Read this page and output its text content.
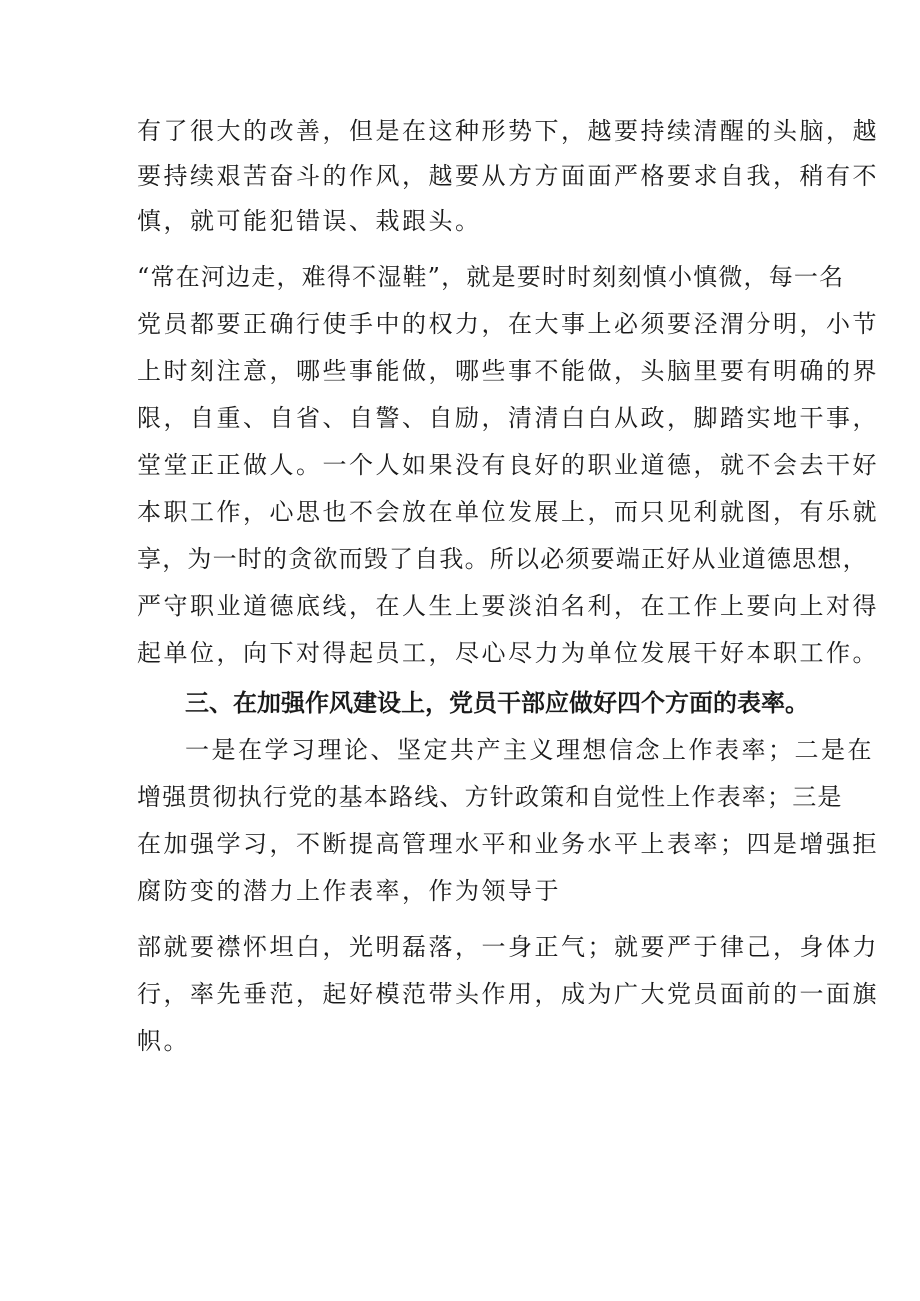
有了很大的改善，但是在这种形势下，越要持续清醒的头脑，越
要持续艰苦奋斗的作风，越要从方方面面严格要求自我，稍有不
慎，就可能犯错误、栽跟头。
“常在河边走，难得不湿鞋”，就是要时时刻刻慎小慎微，每一名
党员都要正确行使手中的权力，在大事上必须要泾渭分明，小节
上时刻注意，哪些事能做，哪些事不能做，头脑里要有明确的界
限，自重、自省、自警、自励，清清白白从政，脚踏实地干事，
堂堂正正做人。一个人如果没有良好的职业道德，就不会去干好
本职工作，心思也不会放在单位发展上，而只见利就图，有乐就
享，为一时的贪欲而毁了自我。所以必须要端正好从业道德思想，
严守职业道德底线，在人生上要淡泊名利，在工作上要向上对得
起单位，向下对得起员工，尽心尽力为单位发展干好本职工作。
三、在加强作风建设上，党员干部应做好四个方面的表率。
一是在学习理论、坚定共产主义理想信念上作表率；二是在
增强贯彻执行党的基本路线、方针政策和自觉性上作表率；三是
在加强学习，不断提高管理水平和业务水平上表率；四是增强拒
腐防变的潜力上作表率，作为领导于
部就要襟怀坦白，光明磊落，一身正气；就要严于律己，身体力
行，率先垂范，起好模范带头作用，成为广大党员面前的一面旗
帜。
